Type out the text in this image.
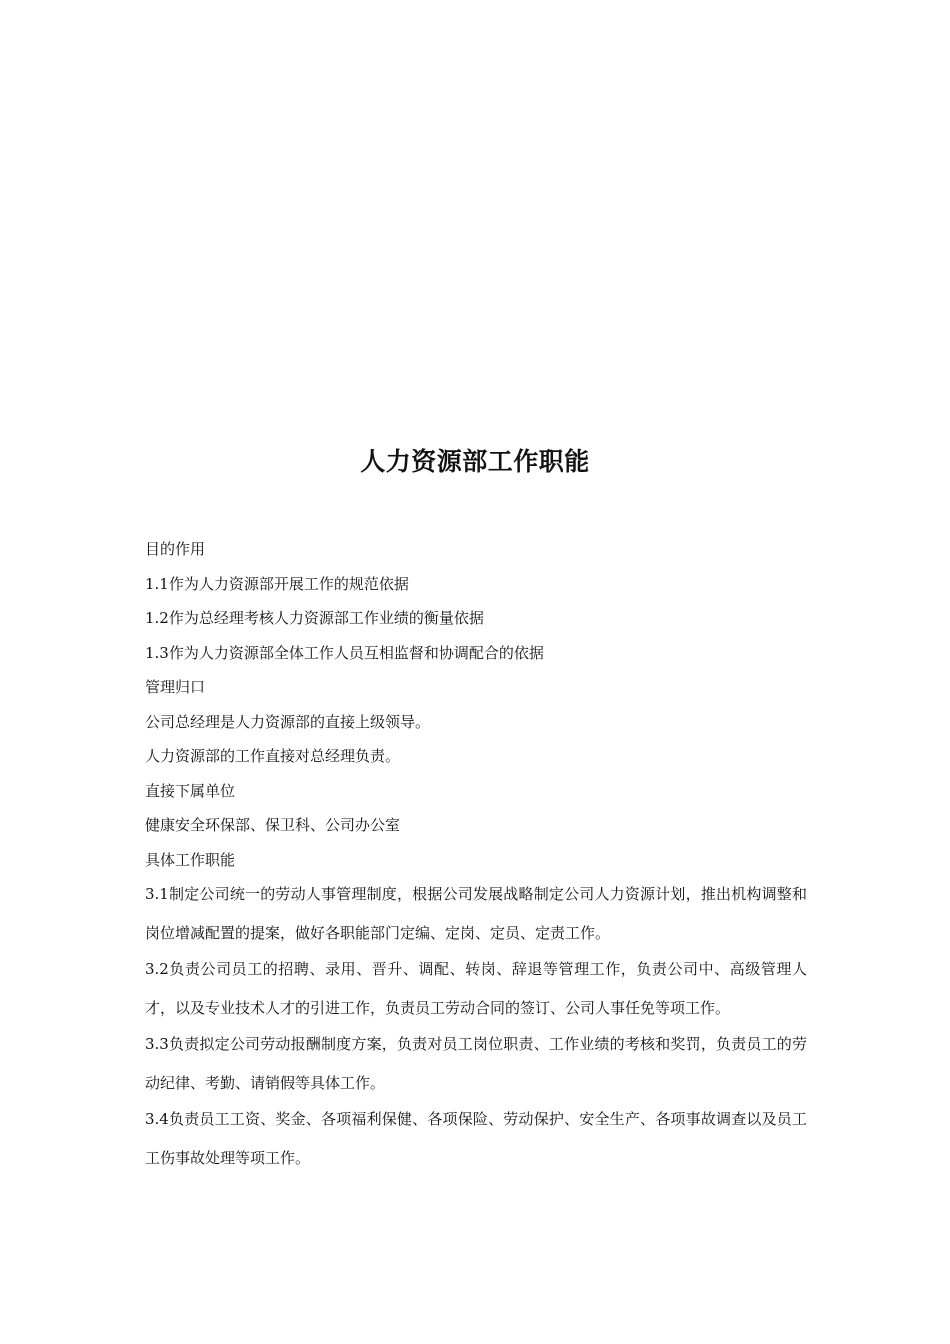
人力资源部工作职能
目的作用
1.1作为人力资源部开展工作的规范依据
1.2作为总经理考核人力资源部工作业绩的衡量依据
1.3作为人力资源部全体工作人员互相监督和协调配合的依据
管理归口
公司总经理是人力资源部的直接上级领导。
人力资源部的工作直接对总经理负责。
直接下属单位
健康安全环保部、保卫科、公司办公室
具体工作职能
3.1制定公司统一的劳动人事管理制度，根据公司发展战略制定公司人力资源计划，推出机构调整和岗位增减配置的提案，做好各职能部门定编、定岗、定员、定责工作。
3.2负责公司员工的招聘、录用、晋升、调配、转岗、辞退等管理工作，负责公司中、高级管理人才，以及专业技术人才的引进工作，负责员工劳动合同的签订、公司人事任免等项工作。
3.3负责拟定公司劳动报酬制度方案，负责对员工岗位职责、工作业绩的考核和奖罚，负责员工的劳动纪律、考勤、请销假等具体工作。
3.4负责员工工资、奖金、各项福利保健、各项保险、劳动保护、安全生产、各项事故调查以及员工工伤事故处理等项工作。
